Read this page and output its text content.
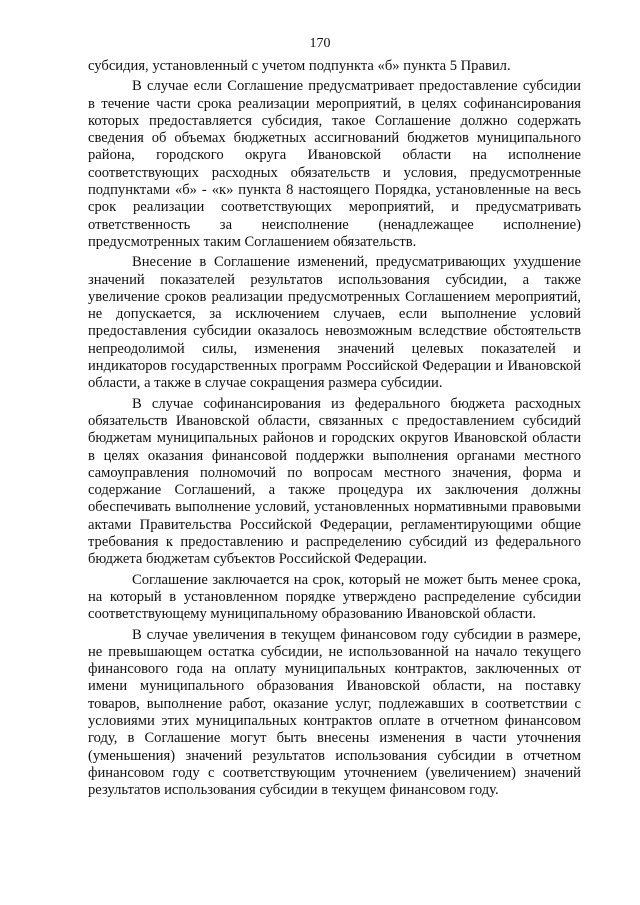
170

субсидия, установленный с учетом подпункта «б» пункта 5 Правил.

В случае если Соглашение предусматривает предоставление субсидии в течение части срока реализации мероприятий, в целях софинансирования которых предоставляется субсидия, такое Соглашение должно содержать сведения об объемах бюджетных ассигнований бюджетов муниципального района, городского округа Ивановской области на исполнение соответствующих расходных обязательств и условия, предусмотренные подпунктами «б» - «к» пункта 8 настоящего Порядка, установленные на весь срок реализации соответствующих мероприятий, и предусматривать ответственность за неисполнение (ненадлежащее исполнение) предусмотренных таким Соглашением обязательств.

Внесение в Соглашение изменений, предусматривающих ухудшение значений показателей результатов использования субсидии, а также увеличение сроков реализации предусмотренных Соглашением мероприятий, не допускается, за исключением случаев, если выполнение условий предоставления субсидии оказалось невозможным вследствие обстоятельств непреодолимой силы, изменения значений целевых показателей и индикаторов государственных программ Российской Федерации и Ивановской области, а также в случае сокращения размера субсидии.

В случае софинансирования из федерального бюджета расходных обязательств Ивановской области, связанных с предоставлением субсидий бюджетам муниципальных районов и городских округов Ивановской области в целях оказания финансовой поддержки выполнения органами местного самоуправления полномочий по вопросам местного значения, форма и содержание Соглашений, а также процедура их заключения должны обеспечивать выполнение условий, установленных нормативными правовыми актами Правительства Российской Федерации, регламентирующими общие требования к предоставлению и распределению субсидий из федерального бюджета бюджетам субъектов Российской Федерации.

Соглашение заключается на срок, который не может быть менее срока, на который в установленном порядке утверждено распределение субсидии соответствующему муниципальному образованию Ивановской области.

В случае увеличения в текущем финансовом году субсидии в размере, не превышающем остатка субсидии, не использованной на начало текущего финансового года на оплату муниципальных контрактов, заключенных от имени муниципального образования Ивановской области, на поставку товаров, выполнение работ, оказание услуг, подлежавших в соответствии с условиями этих муниципальных контрактов оплате в отчетном финансовом году, в Соглашение могут быть внесены изменения в части уточнения (уменьшения) значений результатов использования субсидии в отчетном финансовом году с соответствующим уточнением (увеличением) значений результатов использования субсидии в текущем финансовом году.
